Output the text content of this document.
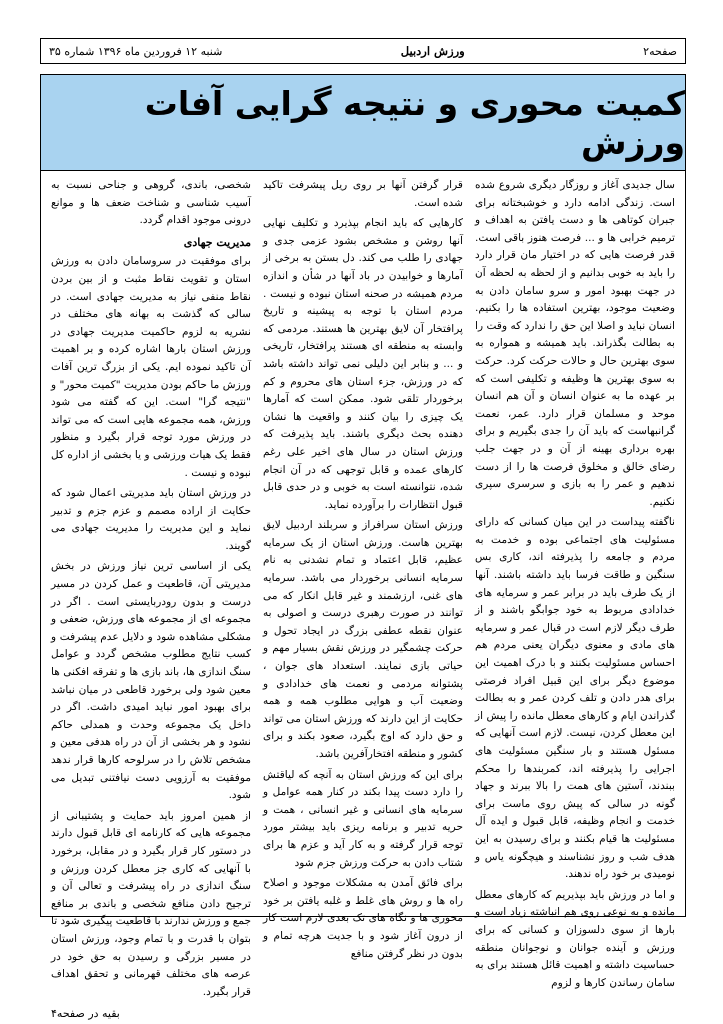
صفحه۲
ورزش اردبیل
شنبه ۱۲ فروردین ماه ۱۳۹۶ شماره ۳۵
کمیت محوری و نتیجه گرایی آفات ورزش

سال جدیدی آغاز و روزگار دیگری شروع شده است. زندگی ادامه دارد و خوشبختانه برای جبران کوتاهی ها و دست یافتن به اهداف و ترمیم خرابی ها و ... فرصت هنوز باقی است. قدر فرصت هایی که در اختیار مان قرار دارد را باید به خوبی بدانیم و از لحظه به لحظه آن در جهت بهبود امور و سرو سامان دادن به وضعیت موجود، بهترین استفاده ها را بکنیم. انسان نباید و اصلا این حق را ندارد که وقت را به بطالت بگذراند. باید همیشه و همواره به سوی بهترین حال و حالات حرکت کرد. حرکت به سوی بهترین ها وظیفه و تکلیفی است که بر عهده ما به عنوان انسان و آن هم انسان موحد و مسلمان قرار دارد. عمر، نعمت گرانبهاست که باید آن را جدی بگیریم و برای بهره برداری بهینه از آن و در جهت جلب رضای خالق و مخلوق فرصت ها را از دست ندهیم و عمر را به بازی و سرسری سپری نکنیم.

ناگفته پیداست در این میان کسانی که دارای مسئولیت های اجتماعی بوده و خدمت به مردم و جامعه را پذیرفته اند، کاری بس سنگین و طاقت فرسا باید داشته باشند. آنها از یک طرف باید در برابر عمر و سرمایه های خدادادی مربوط به خود جوابگو باشند و از طرف دیگر لازم است در قبال عمر و سرمایه های مادی و معنوی دیگران یعنی مردم هم احساس مسئولیت بکنند و با درک اهمیت این موضوع دیگر برای این قبیل افراد فرصتی برای هدر دادن و تلف کردن عمر و به بطالت گذراندن ایام و کارهای معطل مانده را پیش از این معطل کردن، نیست. لازم است آنهایی که مسئول هستند و بار سنگین مسئولیت های اجرایی را پذیرفته اند، کمربندها را محکم ببندند، آستین های همت را بالا ببرند و جهاد گونه در سالی که پیش روی ماست برای خدمت و انجام وظیفه، قابل قبول و ایده آل مسئولیت ها قیام بکنند و برای رسیدن به این هدف شب و روز نشناسند و هیچگونه یاس و نومیدی بر خود راه ندهند.

و اما در ورزش باید بپذیریم که کارهای معطل مانده و به نوعی روی هم انباشته زیاد است و بارها از سوی دلسوزان و کسانی که برای ورزش و آینده جوانان و نوجوانان منطقه حساسیت داشته و اهمیت قائل هستند برای به سامان رساندن کارها و لزوم

قرار گرفتن آنها بر روی ریل پیشرفت تاکید شده است.

کارهایی که باید انجام بپذیرد و تکلیف نهایی آنها روشن و مشخص بشود عزمی جدی و جهادی را طلب می کند. دل بستن به برخی از آمارها و خوابیدن در باد آنها در شأن و اندازه مردم همیشه در صحنه استان نبوده و نیست . مردم استان با توجه به پیشینه و تاریخ پرافتخار آن لایق بهترین ها هستند. مردمی که وابسته به منطقه ای هستند پرافتخار، تاریخی و ... و بنابر این دلیلی نمی تواند داشته باشد که در ورزش، جزء استان های محروم و کم برخوردار تلقی شود. ممکن است که آمارها یک چیزی را بیان کنند و واقعیت ها نشان دهنده بحث دیگری باشند. باید پذیرفت که ورزش استان در سال های اخیر علی رغم کارهای عمده و قابل توجهی که در آن انجام شده، نتوانسته است به خوبی و در حدی قابل قبول انتظارات را برآورده نماید.

ورزش استان سرافراز و سربلند اردبیل لایق بهترین هاست. ورزش استان از یک سرمایه عظیم، قابل اعتماد و تمام نشدنی به نام سرمایه انسانی برخوردار می باشد. سرمایه های غنی، ارزشمند و غیر قابل انکار که می توانند در صورت رهبری درست و اصولی به عنوان نقطه عطفی بزرگ در ایجاد تحول و حرکت چشمگیر در ورزش نقش بسیار مهم و حیاتی بازی نمایند. استعداد های جوان ، پشتوانه مردمی و نعمت های خدادادی و وضعیت آب و هوایی مطلوب همه و همه حکایت از این دارند که ورزش استان می تواند و حق دارد که اوج بگیرد، صعود بکند و برای کشور و منطقه افتخارآفرین باشد.

برای این که ورزش استان به آنچه که لیاقتش را دارد دست پیدا بکند در کنار همه عوامل و سرمایه های انسانی و غیر انسانی ، همت و حریه تدبیر و برنامه ریزی باید بیشتر مورد توجه قرار گرفته و به کار آید و عزم ها برای شتاب دادن به حرکت ورزش جزم شود

برای فائق آمدن به مشکلات موجود و اصلاح راه ها و روش های غلط و غلبه یافتن بر خود محوری ها و نگاه های تک بعدی لازم است کار از درون آغاز شود و با جدیت هرچه تمام و بدون در نظر گرفتن منافع

شخصی، باندی، گروهی و جناحی نسبت به آسیب شناسی و شناخت ضعف ها و موانع درونی موجود اقدام گردد.

مدیریت جهادی

برای موفقیت در سروسامان دادن به ورزش استان و تقویت نقاط مثبت و از بین بردن نقاط منفی نیاز به مدیریت جهادی است. در سالی که گذشت به بهانه های مختلف در نشریه به لزوم حاکمیت مدیریت جهادی در ورزش استان بارها اشاره کرده و بر اهمیت آن تاکید نموده ایم. یکی از بزرگ ترین آفات ورزش ما حاکم بودن مدیریت "کمیت محور" و "نتیجه گرا" است. این که گفته می شود ورزش، همه مجموعه هایی است که می تواند در ورزش مورد توجه قرار بگیرد و منظور فقط یک هیات ورزشی و یا بخشی از اداره کل نبوده و نیست .

در ورزش استان باید مدیریتی اعمال شود که حکایت از اراده مصمم و عزم جزم و تدبیر نماید و این مدیریت را مدیریت جهادی می گویند.

یکی از اساسی ترین نیاز ورزش در بخش مدیریتی آن، قاطعیت و عمل کردن در مسیر درست و بدون رودربایستی است . اگر در مجموعه ای از مجموعه های ورزش، ضعفی و مشکلی مشاهده شود و دلایل عدم پیشرفت و کسب نتایج مطلوب مشخص گردد و عوامل سنگ اندازی ها، باند بازی ها و تفرقه افکنی ها معین شود ولی برخورد قاطعی در میان نباشد برای بهبود امور نباید امیدی داشت. اگر در داخل یک مجموعه وحدت و همدلی حاکم نشود و هر بخشی از آن در راه هدفی معین و مشخص تلاش را در سرلوحه کارها قرار ندهد موفقیت به آرزویی دست نیافتنی تبدیل می شود.

از همین امروز باید حمایت و پشتیبانی از مجموعه هایی که کارنامه ای قابل قبول دارند در دستور کار قرار بگیرد و در مقابل، برخورد با آنهایی که کاری جز معطل کردن ورزش و سنگ اندازی در راه پیشرفت و تعالی آن و ترجیح دادن منافع شخصی و باندی بر منافع جمع و ورزش ندارند با قاطعیت پیگیری شود تا بتوان با قدرت و با تمام وجود، ورزش استان در مسیر بزرگی و رسیدن به حق خود در عرصه های مختلف قهرمانی و تحقق اهداف قرار بگیرد.

بقیه در صفحه۴
